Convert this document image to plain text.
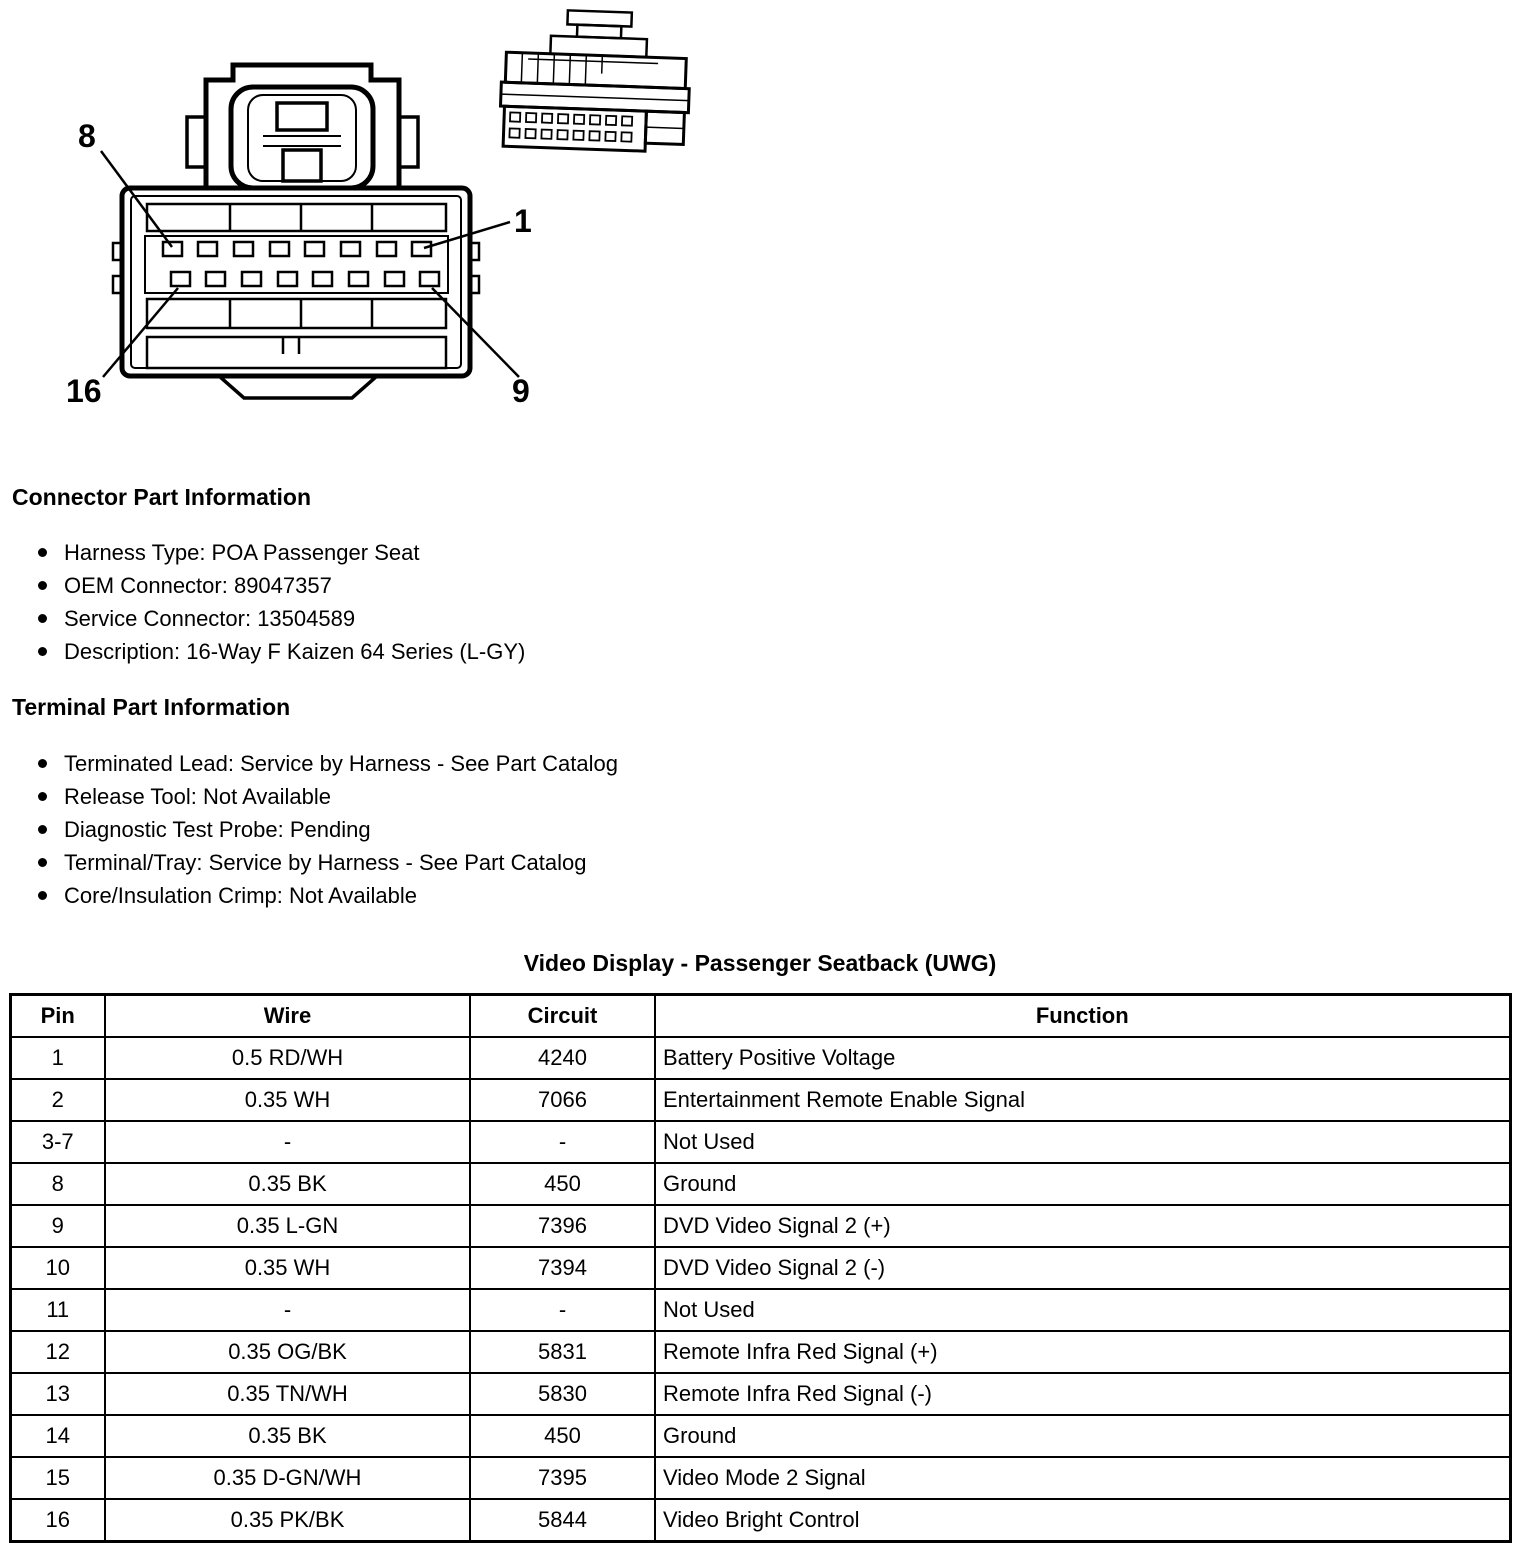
8
1
16	9
Connector Part Information
Harness Type: POA Passenger Seat
OEM Connector: 89047357
Service Connector: 13504589
Description: 16-Way F Kaizen 64 Series (L-GY)
Terminal Part Information
Terminated Lead: Service by Harness - See Part Catalog
Release Tool: Not Available
Diagnostic Test Probe: Pending
Terminal/Tray: Service by Harness - See Part Catalog
Core/Insulation Crimp: Not Available
Video Display - Passenger Seatback (UWG)
Pin	Wire	Circuit	Function
1	0.5 RD/WH	4240	Battery Positive Voltage
2	0.35 WH	7066	Entertainment Remote Enable Signal
3-7	-	-	Not Used
8	0.35 BK	450	Ground
9	0.35 L-GN	7396	DVD Video Signal 2 (+)
10	0.35 WH	7394	DVD Video Signal 2 (-)
11	-	-	Not Used
12	0.35 OG/BK	5831	Remote Infra Red Signal (+)
13	0.35 TN/WH	5830	Remote Infra Red Signal (-)
14	0.35 BK	450	Ground
15	0.35 D-GN/WH	7395	Video Mode 2 Signal
16	0.35 PK/BK	5844	Video Bright Control
